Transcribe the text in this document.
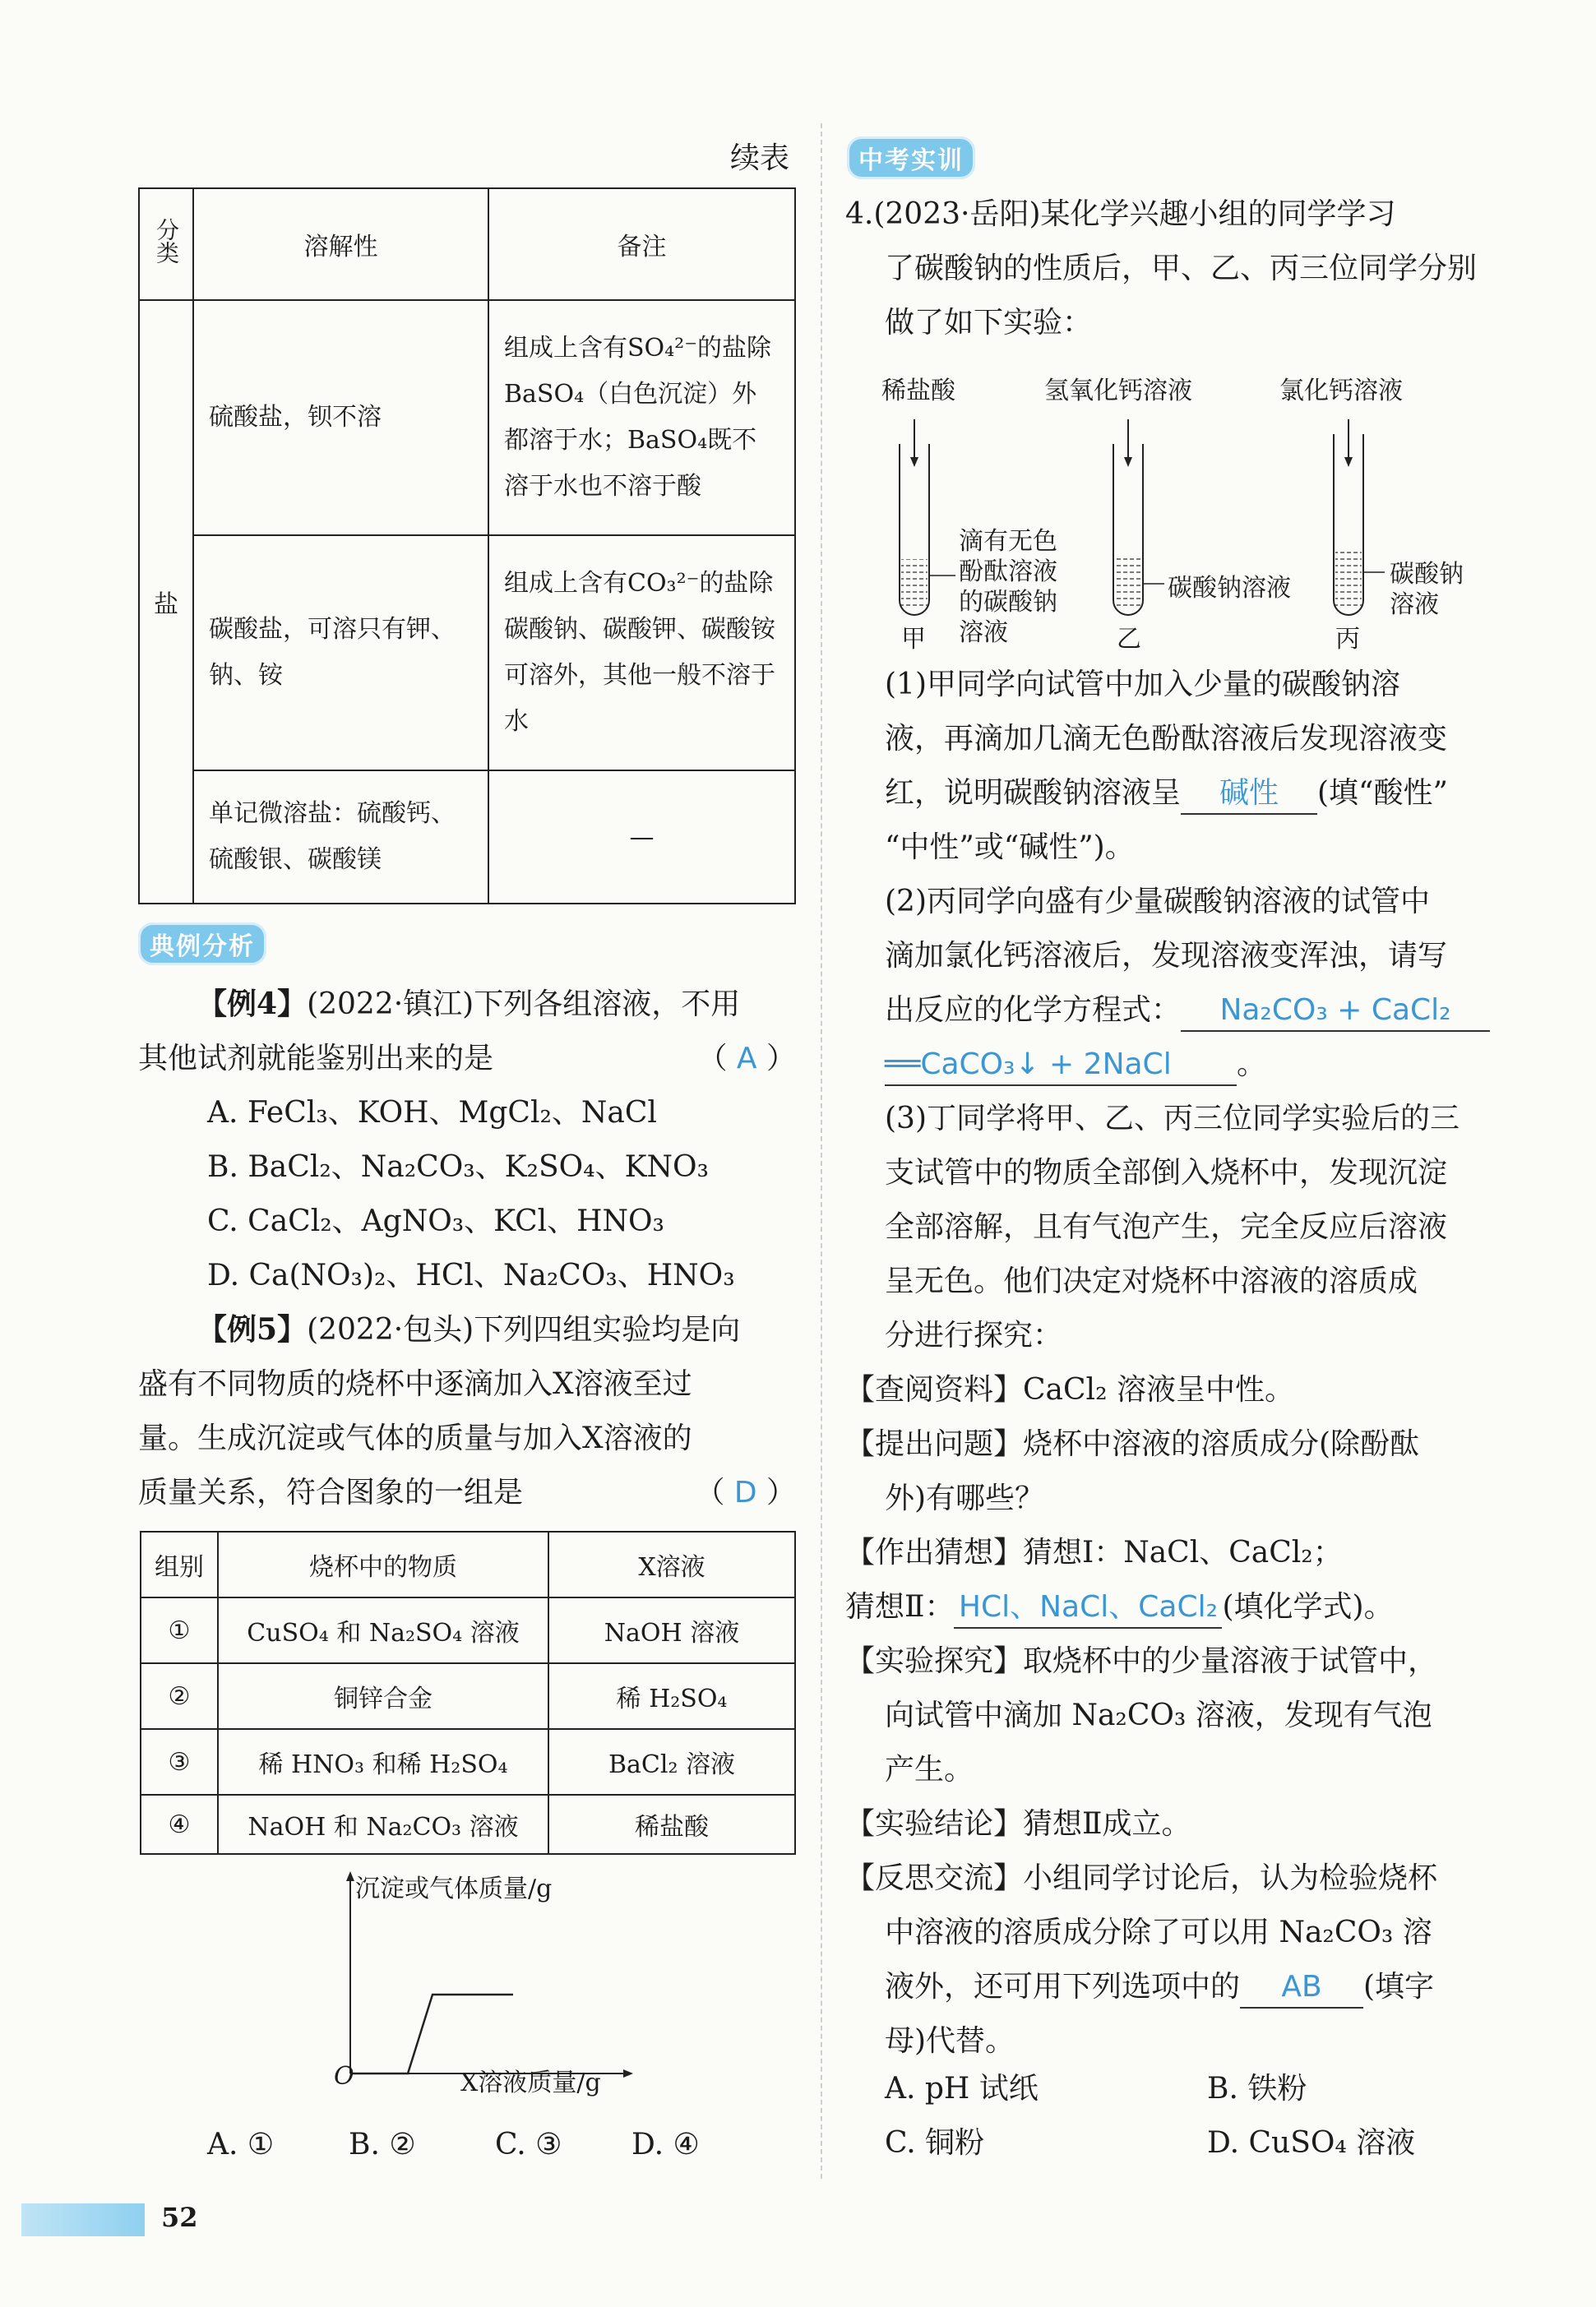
续表
分类	溶解性	备注
盐	硫酸盐，钡不溶	组成上含有SO₄²⁻的盐除BaSO₄（白色沉淀）外都溶于水；BaSO₄既不溶于水也不溶于酸
	碳酸盐，可溶只有钾、钠、铵	组成上含有CO₃²⁻的盐除碳酸钠、碳酸钾、碳酸铵可溶外，其他一般不溶于水
	单记微溶盐：硫酸钙、硫酸银、碳酸镁	—
典例分析
【例4】(2022·镇江)下列各组溶液，不用
其他试剂就能鉴别出来的是	（ A ）
A. FeCl₃、KOH、MgCl₂、NaCl
B. BaCl₂、Na₂CO₃、K₂SO₄、KNO₃
C. CaCl₂、AgNO₃、KCl、HNO₃
D. Ca(NO₃)₂、HCl、Na₂CO₃、HNO₃
【例5】(2022·包头)下列四组实验均是向
盛有不同物质的烧杯中逐滴加入X溶液至过
量。生成沉淀或气体的质量与加入X溶液的
质量关系，符合图象的一组是	（ D ）
组别	烧杯中的物质	X溶液
①	CuSO₄ 和 Na₂SO₄ 溶液	NaOH 溶液
②	铜锌合金	稀 H₂SO₄
③	稀 HNO₃ 和稀 H₂SO₄	BaCl₂ 溶液
④	NaOH 和 Na₂CO₃ 溶液	稀盐酸
沉淀或气体质量/g
O	X溶液质量/g
A. ①	B. ②	C. ③ D. ④
52
中考实训
4.(2023·岳阳)某化学兴趣小组的同学学习
了碳酸钠的性质后，甲、乙、丙三位同学分别
做了如下实验：
稀盐酸	氢氧化钙溶液	氯化钙溶液
滴有无色
酚酞溶液
的碳酸钠
溶液
碳酸钠溶液	碳酸钠
溶液
甲	乙	丙
(1)甲同学向试管中加入少量的碳酸钠溶
液，再滴加几滴无色酚酞溶液后发现溶液变
红，说明碳酸钠溶液呈 碱性 (填“酸性”
“中性”或“碱性”)。
(2)丙同学向盛有少量碳酸钠溶液的试管中
滴加氯化钙溶液后，发现溶液变浑浊，请写
出反应的化学方程式： Na₂CO₃ + CaCl₂
══CaCO₃↓ + 2NaCl 。
(3)丁同学将甲、乙、丙三位同学实验后的三
支试管中的物质全部倒入烧杯中，发现沉淀
全部溶解，且有气泡产生，完全反应后溶液
呈无色。他们决定对烧杯中溶液的溶质成
分进行探究：
【查阅资料】CaCl₂ 溶液呈中性。
【提出问题】烧杯中溶液的溶质成分(除酚酞
外)有哪些？
【作出猜想】猜想Ⅰ：NaCl、CaCl₂；
猜想Ⅱ： HCl、NaCl、CaCl₂ (填化学式)。
【实验探究】取烧杯中的少量溶液于试管中，
向试管中滴加 Na₂CO₃ 溶液，发现有气泡
产生。
【实验结论】猜想Ⅱ成立。
【反思交流】小组同学讨论后，认为检验烧杯
中溶液的溶质成分除了可以用 Na₂CO₃ 溶
液外，还可用下列选项中的 AB (填字
母)代替。
A. pH 试纸	B. 铁粉
C. 铜粉	D. CuSO₄ 溶液
